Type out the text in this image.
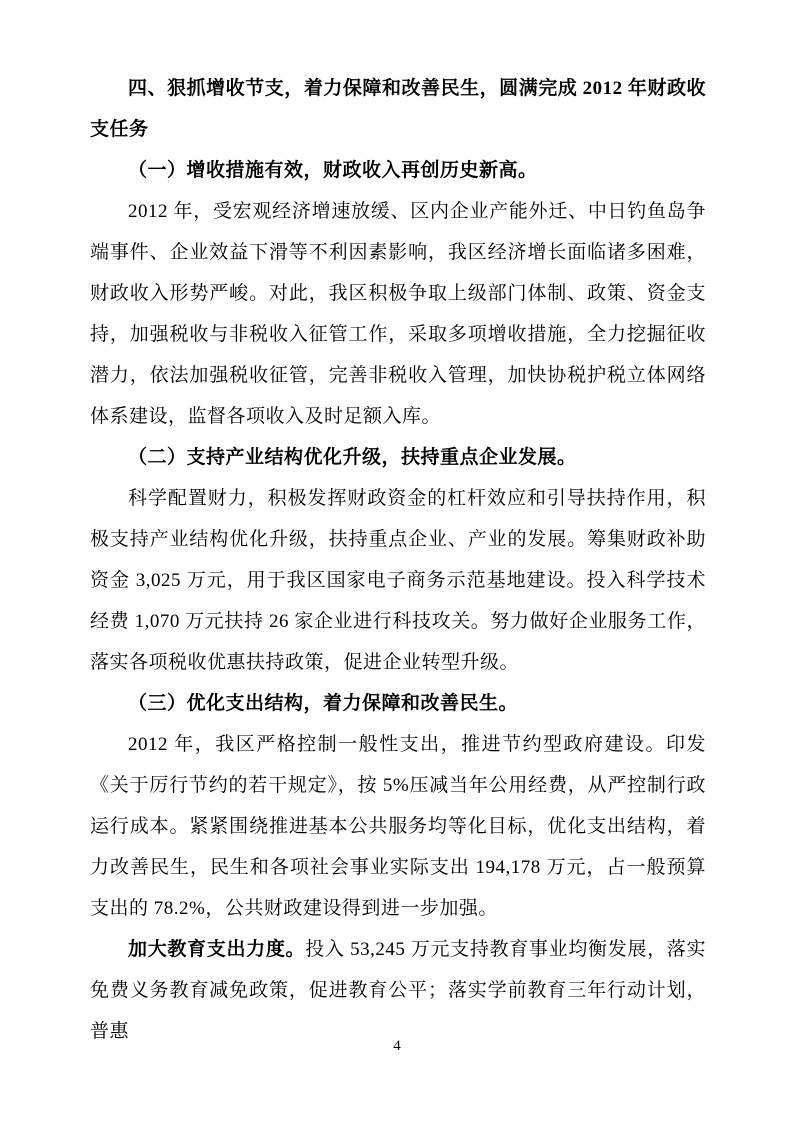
四、狠抓增收节支，着力保障和改善民生，圆满完成 2012 年财政收支任务

（一）增收措施有效，财政收入再创历史新高。

2012 年，受宏观经济增速放缓、区内企业产能外迁、中日钓鱼岛争端事件、企业效益下滑等不利因素影响，我区经济增长面临诸多困难，财政收入形势严峻。对此，我区积极争取上级部门体制、政策、资金支持，加强税收与非税收入征管工作，采取多项增收措施，全力挖掘征收潜力，依法加强税收征管，完善非税收入管理，加快协税护税立体网络体系建设，监督各项收入及时足额入库。

（二）支持产业结构优化升级，扶持重点企业发展。

科学配置财力，积极发挥财政资金的杠杆效应和引导扶持作用，积极支持产业结构优化升级，扶持重点企业、产业的发展。筹集财政补助资金 3,025 万元，用于我区国家电子商务示范基地建设。投入科学技术经费 1,070 万元扶持 26 家企业进行科技攻关。努力做好企业服务工作，落实各项税收优惠扶持政策，促进企业转型升级。

（三）优化支出结构，着力保障和改善民生。

2012 年，我区严格控制一般性支出，推进节约型政府建设。印发《关于厉行节约的若干规定》，按 5%压减当年公用经费，从严控制行政运行成本。紧紧围绕推进基本公共服务均等化目标，优化支出结构，着力改善民生，民生和各项社会事业实际支出 194,178 万元，占一般预算支出的 78.2%，公共财政建设得到进一步加强。

加大教育支出力度。投入 53,245 万元支持教育事业均衡发展，落实免费义务教育减免政策，促进教育公平；落实学前教育三年行动计划，普惠

4
